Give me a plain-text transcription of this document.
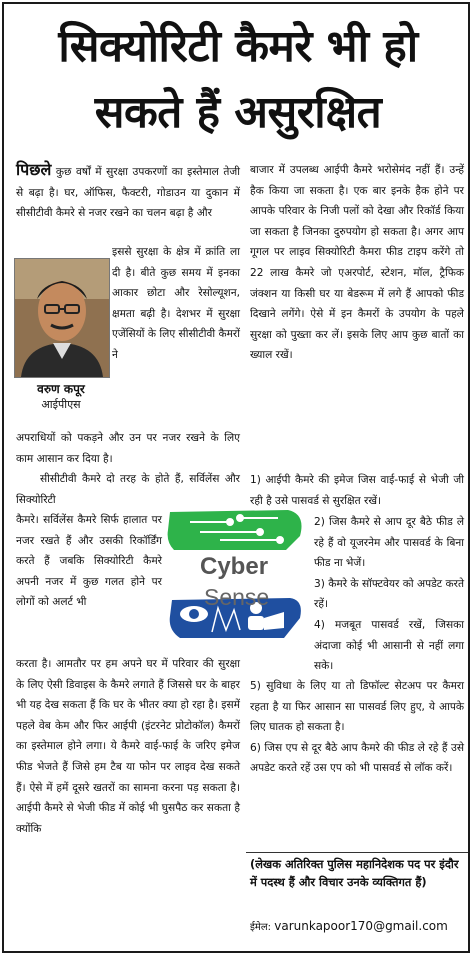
सिक्योरिटी कैमरे भी हो
सकते हैं असुरक्षित
पिछले कुछ वर्षों में सुरक्षा उपकरणों का इस्तेमाल तेजी से बढ़ा है। घर, ऑफिस, फैक्टरी, गोडाउन या दुकान में सीसीटीवी कैमरे से नजर रखने का चलन बढ़ा है और
वरुण कपूर
आईपीएस
इससे सुरक्षा के क्षेत्र में क्रांति ला दी है। बीते कुछ समय में इनका आकार छोटा और रेसोल्यूशन, क्षमता बढ़ी है। देशभर में सुरक्षा एजेंसियों के लिए सीसीटीवी कैमरों ने
अपराधियों को पकड़ने और उन पर नजर रखने के लिए काम आसान कर दिया है।
सीसीटीवी कैमरे दो तरह के होते हैं, सर्विलेंस और सिक्योरिटी
कैमरे। सर्विलेंस कैमरे सिर्फ हालात पर नजर रखते हैं और उसकी रिकॉर्डिंग करते हैं जबकि सिक्योरिटी कैमरे अपनी नजर में कुछ गलत होने पर लोगों को अलर्ट भी
करता है। आमतौर पर हम अपने घर में परिवार की सुरक्षा के लिए ऐसी डिवाइस के कैमरे लगाते हैं जिससे घर के बाहर भी यह देख सकता हैं कि घर के भीतर क्या हो रहा है। इसमें पहले वेब केम और फिर आईपी (इंटरनेट प्रोटोकॉल) कैमरों का इस्तेमाल होने लगा। ये कैमरे वाई-फाई के जरिए इमेज फीड भेजते हैं जिसे हम टैब या फोन पर लाइव देख सकते हैं। ऐसे में हमें दूसरे खतरों का सामना करना पड़ सकता है। आईपी कैमरे से भेजी फीड में कोई भी घुसपैठ कर सकता है क्योंकि
Cyber
Sense
बाजार में उपलब्ध आईपी कैमरे भरोसेमंद नहीं हैं। उन्हें हैक किया जा सकता है। एक बार इनके हैक होने पर आपके परिवार के निजी पलों को देखा और रिकॉर्ड किया जा सकता है जिनका दुरुपयोग हो सकता है। अगर आप गूगल पर लाइव सिक्योरिटी कैमरा फीड टाइप करेंगे तो 22 लाख कैमरे जो एअरपोर्ट, स्टेशन, मॉल, ट्रैफिक जंक्शन या किसी घर या बेडरूम में लगे हैं आपको फीड दिखाने लगेंगे। ऐसे में इन कैमरों के उपयोग के पहले सुरक्षा को पुख्ता कर लें। इसके लिए आप कुछ बातों का ख्याल रखें।
1) आईपी कैमरे की इमेज जिस वाई-फाई से भेजी जी रही है उसे पासवर्ड से सुरक्षित रखें।
2) जिस कैमरे से आप दूर बैठे फीड ले रहे हैं वो यूजरनेम और पासवर्ड के बिना फीड ना भेजें।
3) कैमरे के सॉफ्टवेयर को अपडेट करते रहें।
4) मजबूत पासवर्ड रखें, जिसका अंदाजा कोई भी आसानी से नहीं लगा सके।
5) सुविधा के लिए या तो डिफॉल्ट सेटअप पर कैमरा रहता है या फिर आसान सा पासवर्ड लिए हुए, ये आपके लिए घातक हो सकता है।
6) जिस एप से दूर बैठे आप कैमरे की फीड ले रहे हैं उसे अपडेट करते रहें उस एप को भी पासवर्ड से लॉक करें।
(लेखक अतिरिक्त पुलिस महानिदेशक पद पर इंदौर में पदस्थ हैं और विचार उनके व्यक्तिगत हैं)
ईमेल: varunkapoor170@gmail.com
